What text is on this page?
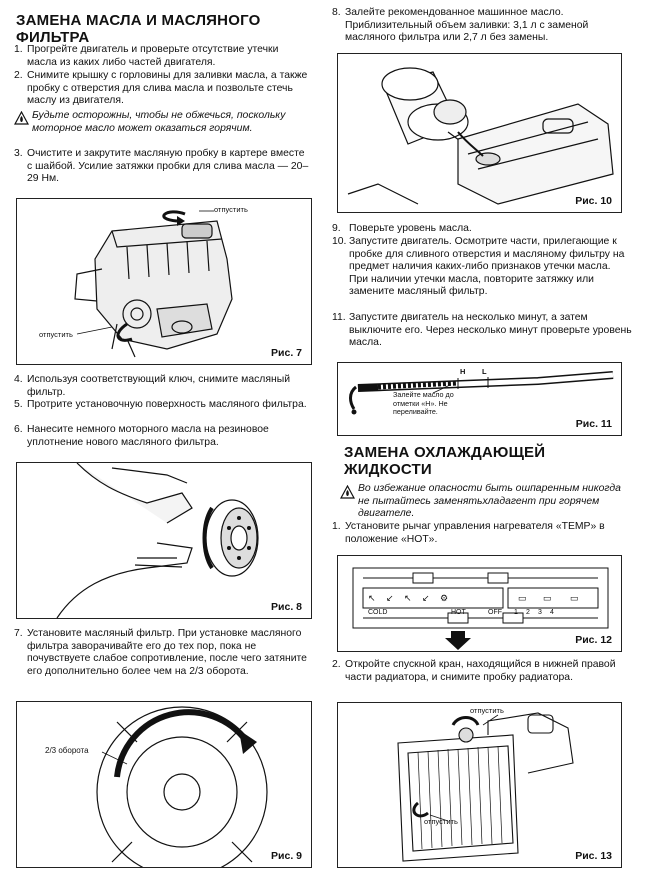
ЗАМЕНА МАСЛА И МАСЛЯНОГО ФИЛЬТРА
1. Прогрейте двигатель и проверьте отсутствие утечки масла из каких либо частей двигателя.
2. Снимите крышку с горловины для заливки масла, а также пробку с отверстия для слива масла и позвольте стечь маслу из двигателя.
Будьте осторожны, чтобы не обжечься, поскольку моторное масло может оказаться горячим.
3. Очистите и закрутите масляную пробку в картере вместе с шайбой. Усилие затяжки пробки для слива масла — 20–29 Нм.
отпустить
отпустить
Рис. 7
4. Используя соответствующий ключ, снимите масляный фильтр.
5. Протрите установочную поверхность масляного фильтра.
6. Нанесите немного моторного масла на резиновое уплотнение нового масляного фильтра.
Рис. 8
7. Установите масляный фильтр. При установке масляного фильтра заворачивайте его до тех пор, пока не почувствуете слабое сопротивление, после чего затяните его дополнительно более чем на 2/3 оборота.
2/3 оборота
Рис. 9
8. Залейте рекомендованное машинное масло. Приблизительный объем заливки: 3,1 л с заменой масляного фильтра или 2,7 л без замены.
Рис. 10
9. Поверьте уровень масла.
10. Запустите двигатель. Осмотрите части, прилегающие к пробке для сливного отверстия и масляному фильтру на предмет наличия каких-либо признаков утечки масла. При наличии утечки масла, повторите затяжку или замените масляный фильтр.
11. Запустите двигатель на несколько минут, а затем выключите его. Через несколько минут проверьте уровень масла.
H L
Залейте масло до отметки «Н». Не переливайте.
Рис. 11
ЗАМЕНА ОХЛАЖДАЮЩЕЙ ЖИДКОСТИ
Во избежание опасности быть ошпаренным никогда не пытайтесь заменятьхладагент при горячем двигателе.
1. Установите рычаг управления нагревателя «TEMP» в положение «HOT».
↖ ↙ ↖ ↙ ⚙	▭ ▭ ▭
COLD	HOT	OFF 1 2 3 4
Рис. 12
2. Откройте спускной кран, находящийся в нижней правой части радиатора, и снимите пробку радиатора.
отпустить
отпустить
Рис. 13
